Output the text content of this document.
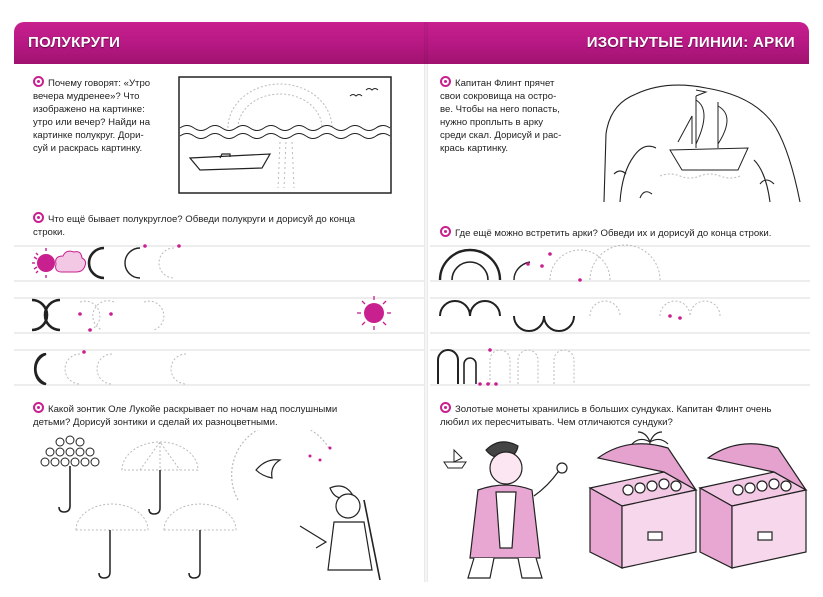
ПОЛУКРУГИ	ИЗОГНУТЫЕ ЛИНИИ: АРКИ
Почему говорят: «Утро
вечера мудренее»? Что
изображено на картинке:
утро или вечер? Найди на
картинке полукруг. Дори-
суй и раскрась картинку.
Что ещё бывает полукруглое? Обведи полукруги и дорисуй до конца
строки.
Какой зонтик Оле Лукойе раскрывает по ночам над послушными
детьми? Дорисуй зонтики и сделай их разноцветными.
Капитан Флинт прячет
свои сокровища на остро-
ве. Чтобы на него попасть,
нужно проплыть в арку
среди скал. Дорисуй и рас-
крась картинку.
Где ещё можно встретить арки? Обведи их и дорисуй до конца строки.
Золотые монеты хранились в больших сундуках. Капитан Флинт очень
любил их пересчитывать. Чем отличаются сундуки?
